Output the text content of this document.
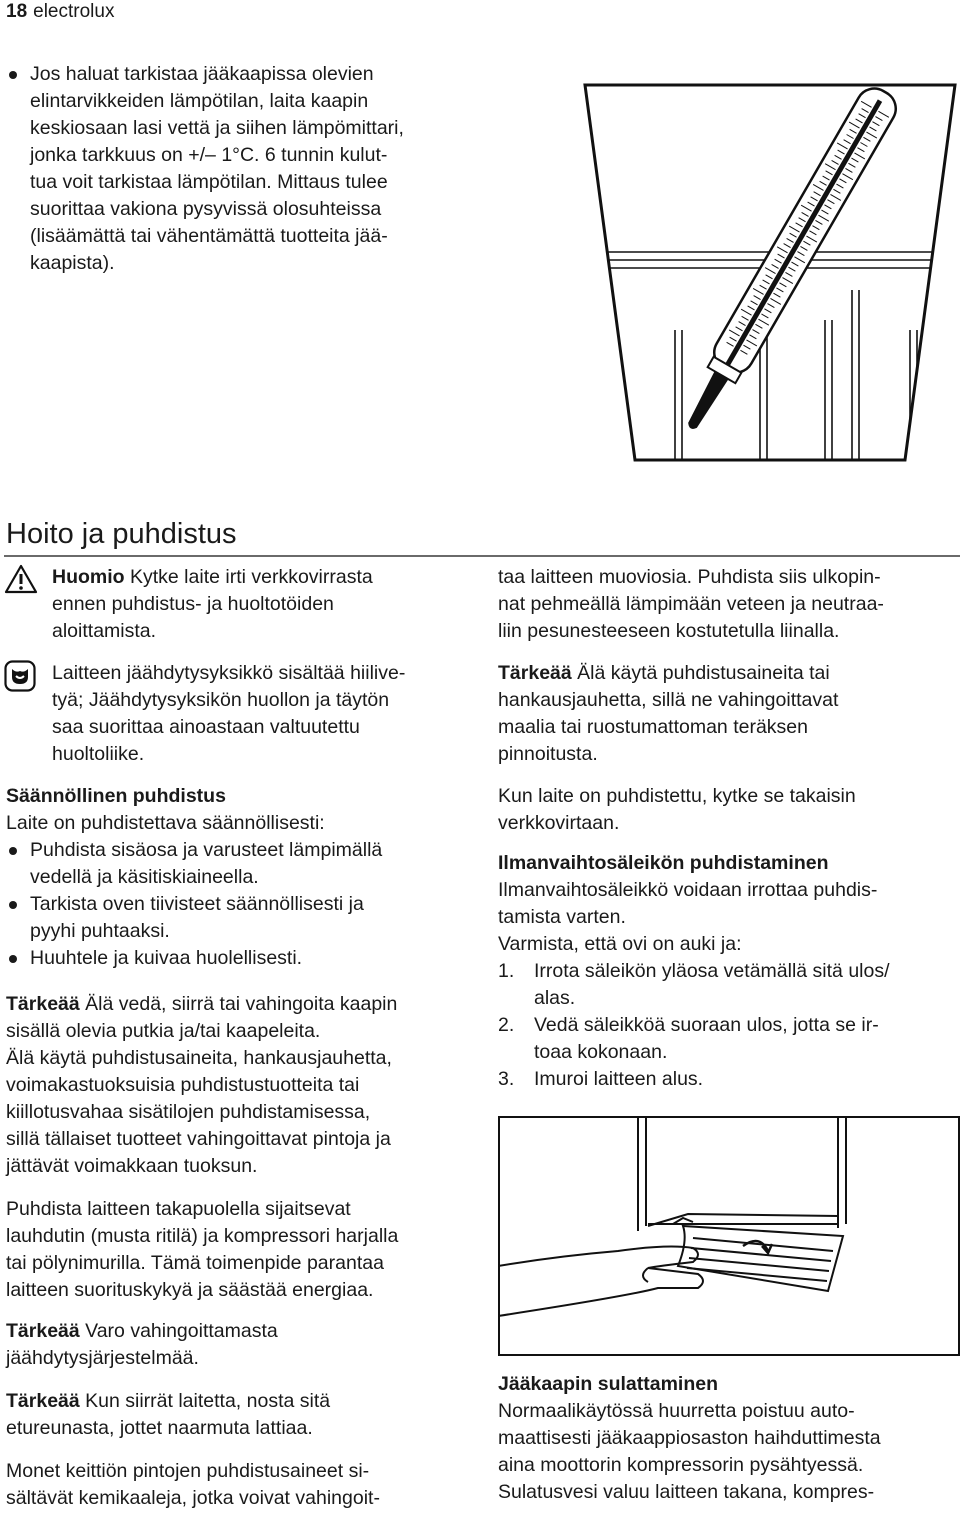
18 electrolux
Jos haluat tarkistaa jääkaapissa olevien
elintarvikkeiden lämpötilan, laita kaapin
keskiosaan lasi vettä ja siihen lämpömittari,
jonka tarkkuus on +/– 1°C. 6 tunnin kulut-
tua voit tarkistaa lämpötilan. Mittaus tulee
suorittaa vakiona pysyvissä olosuhteissa
(lisäämättä tai vähentämättä tuotteita jää-
kaapista).
Hoito ja puhdistus
Huomio Kytke laite irti verkkovirrasta
ennen puhdistus- ja huoltotöiden
aloittamista.
Laitteen jäähdytysyksikkö sisältää hiilive-
tyä; Jäähdytysyksikön huollon ja täytön
saa suorittaa ainoastaan valtuutettu
huoltoliike.

Säännöllinen puhdistus

Laite on puhdistettava säännöllisesti:

Puhdista sisäosa ja varusteet lämpimällä
vedellä ja käsitiskiaineella.
Tarkista oven tiivisteet säännöllisesti ja
pyyhi puhtaaksi.
Huuhtele ja kuivaa huolellisesti.
Tärkeää Älä vedä, siirrä tai vahingoita kaapin
sisällä olevia putkia ja/tai kaapeleita.
Älä käytä puhdistusaineita, hankausjauhetta,
voimakastuoksuisia puhdistustuotteita tai
kiillotusvahaa sisätilojen puhdistamisessa,
sillä tällaiset tuotteet vahingoittavat pintoja ja
jättävät voimakkaan tuoksun.
Puhdista laitteen takapuolella sijaitsevat
lauhdutin (musta ritilä) ja kompressori harjalla
tai pölynimurilla. Tämä toimenpide parantaa
laitteen suorituskykyä ja säästää energiaa.
Tärkeää Varo vahingoittamasta
jäähdytysjärjestelmää.
Tärkeää Kun siirrät laitetta, nosta sitä
etureunasta, jottet naarmuta lattiaa.
Monet keittiön pintojen puhdistusaineet si-
sältävät kemikaaleja, jotka voivat vahingoit-
taa laitteen muoviosia. Puhdista siis ulkopin-
nat pehmeällä lämpimään veteen ja neutraa-
liin pesunesteeseen kostutetulla liinalla.
Tärkeää Älä käytä puhdistusaineita tai
hankausjauhetta, sillä ne vahingoittavat
maalia tai ruostumattoman teräksen
pinnoitusta.
Kun laite on puhdistettu, kytke se takaisin
verkkovirtaan.

Ilmanvaihtosäleikön puhdistaminen

Ilmanvaihtosäleikkö voidaan irrottaa puhdis-
tamista varten.
Varmista, että ovi on auki ja:
1. Irrota säleikön yläosa vetämällä sitä ulos/
alas.
2. Vedä säleikköä suoraan ulos, jotta se ir-
toaa kokonaan.
3. Imuroi laitteen alus.

Jääkaapin sulattaminen

Normaalikäytössä huurretta poistuu auto-
maattisesti jääkaappiosaston haihduttimesta
aina moottorin kompressorin pysähtyessä.
Sulatusvesi valuu laitteen takana, kompres-
